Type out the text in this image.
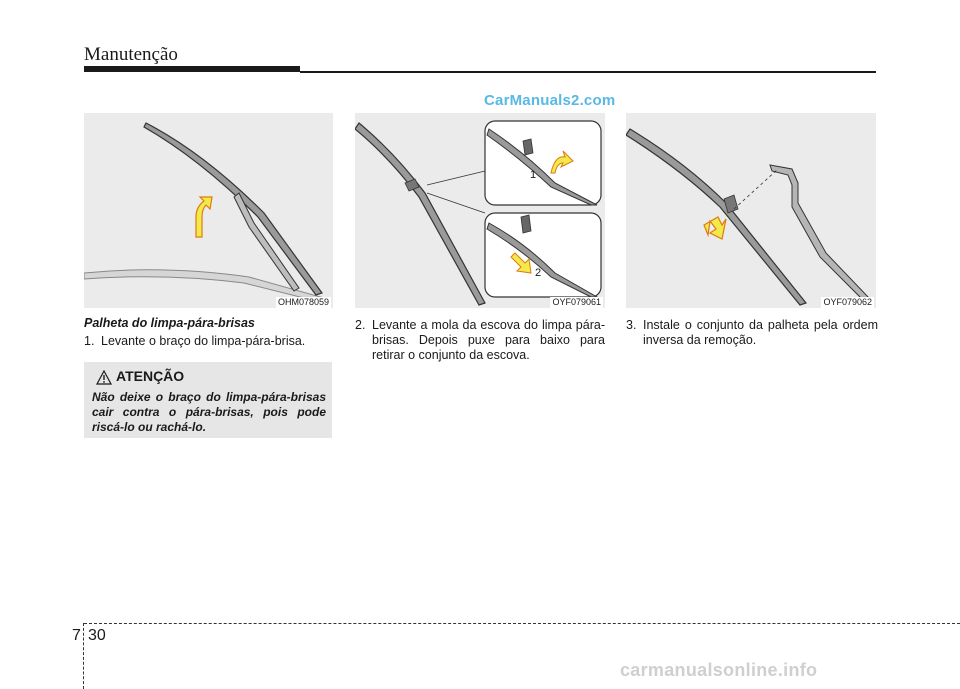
Manutenção
CarManuals2.com
OHM078059
1
2
OYF079061	OYF079062
Palheta do limpa-pára-brisas
1. Levante o braço do limpa-pára-brisa.
ATENÇÃO
Não deixe o braço do limpa-pára-brisas cair contra o pára-brisas, pois pode riscá-lo ou rachá-lo.
2. Levante a mola da escova do limpa pára-brisas. Depois puxe para baixo para retirar o conjunto da escova.
3. Instale o conjunto da palheta pela ordem inversa da remoção.
7 30
carmanualsonline.info
